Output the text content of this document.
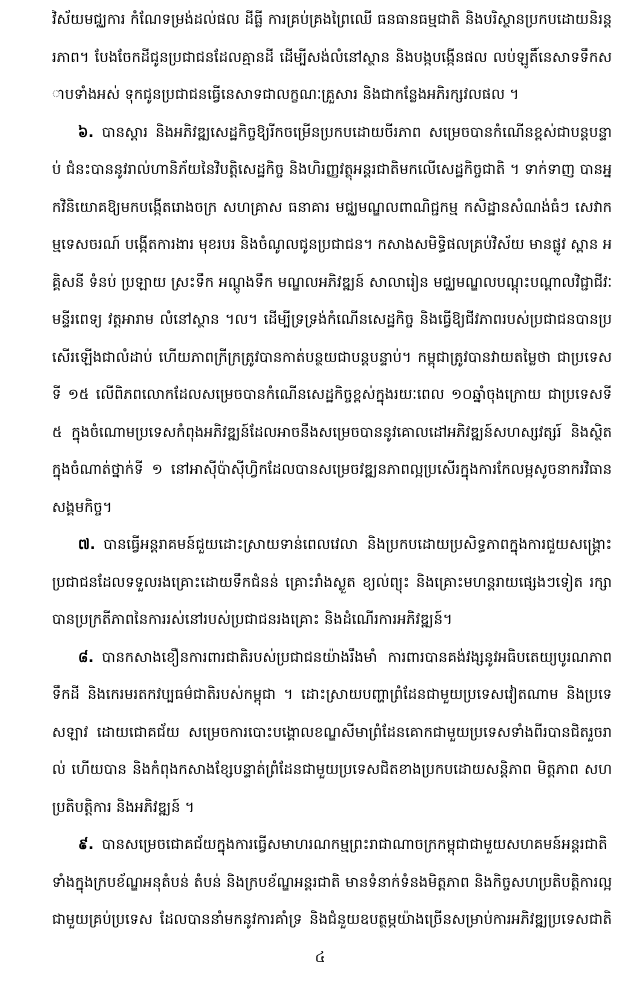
វិស័យមជ្ឈការ កំណែទម្រង់ដល់ផល ដីធ្លី ការគ្រប់គ្រងព្រៃឈើ ធនធានធម្មជាតិ និងបរិស្ថានប្រកបដោយនិរន្តរភាព។ បែងចែកដីជូនប្រជាជនដែលគ្មានដី ដើម្បីសង់លំនៅស្ថាន និងបង្កបង្កើនផល លប់ឡូតិ៍នេសាទទឹកសាបទាំងអស់ ទុកជូនប្រជាជនធ្វើនេសាទជាលក្ខណៈគ្រួសារ និងជាកន្លែងអភិរក្សវលផល ។

៦. បានស្តារ និងអភិវឌ្ឍសេដ្ឋកិច្ចឱ្យរីកចម្រើនប្រកបដោយចីរភាព សម្រេចបានកំណើនខ្ពស់ជាបន្តបន្ទាប់ ជំនះបាននូវរាល់ហានិភ័យនៃវិបត្តិសេដ្ឋកិច្ច និងហិរញ្ញវត្ថុអន្តរជាតិមកលើសេដ្ឋកិច្ចជាតិ ។ ទាក់ទាញ បានអ្នកវិនិយោគឱ្យមកបង្កើតរោងចក្រ សហគ្រាស ធនាគារ មជ្ឈមណ្ឌលពាណិជ្ជកម្ម កសិដ្ឋានសំណង់ធំៗ សេវាកម្មទេសចរណ៍ បង្កើតការងារ មុខរបរ និងចំណូលជូនប្រជាជន។ កសាងសមិទ្ធិផលគ្រប់វិស័យ មានផ្លូវ ស្ពាន អគ្គិសនី ទំនប់ ប្រឡាយ ស្រះទឹក អណ្តូងទឹក មណ្ឌលអភិវឌ្ឍន៍ សាលារៀន មជ្ឈមណ្ឌលបណ្តុះបណ្តាលវិជ្ជាជីវៈ មន្ទីរពេទ្យ វត្តអារាម លំនៅស្ថាន ។ល។ ដើម្បីទ្រទ្រង់កំណើនសេដ្ឋកិច្ច និងធ្វើឱ្យជីវភាពរបស់ប្រជាជនបានប្រសើរឡើងជាលំដាប់ ហើយភាពក្រីក្រត្រូវបានកាត់បន្ថយជាបន្តបន្ទាប់។ កម្ពុជាត្រូវបានវាយតម្លៃថា ជាប្រទេសទី ១៥ លើពិភពលោកដែលសម្រេចបានកំណើនសេដ្ឋកិច្ចខ្ពស់ក្នុងរយៈពេល ១០ឆ្នាំចុងក្រោយ ជាប្រទេសទី ៥ ក្នុងចំណោមប្រទេសកំពុងអភិវឌ្ឍន៍ដែលអាចនឹងសម្រេចបាននូវគោលដៅអភិវឌ្ឍន៍សហស្សវត្សរ៍ និងស្ថិតក្នុងចំណាត់ថ្នាក់ទី ១ នៅអាស៊ីប៉ាស៊ីហ្វិកដែលបានសម្រេចវឌ្ឍនភាពល្អប្រសើរក្នុងការកែលម្អសូចនាករវិធានសង្គមកិច្ច។

៧. បានធ្វើអន្តរាគមន៍ជួយដោះស្រាយទាន់ពេលវេលា និងប្រកបដោយប្រសិទ្ធភាពក្នុងការជួយសង្គ្រោះប្រជាជនដែលទទួលរងគ្រោះដោយទឹកជំនន់ គ្រោះរាំងស្ងួត ខ្យល់ព្យុះ និងគ្រោះមហន្តរាយផ្សេងៗទៀត រក្សាបានប្រក្រតីភាពនៃការរស់នៅរបស់ប្រជាជនរងគ្រោះ និងដំណើរការអភិវឌ្ឍន៍។

៨. បានកសាងខឿនការពារជាតិរបស់ប្រជាជនយ៉ាងរឹងមាំ ការពារបានគង់វង្សនូវអធិបតេយ្យបូរណភាពទឹកដី និងកេរមរតកវប្បធម៌ជាតិរបស់កម្ពុជា ។ ដោះស្រាយបញ្ហាព្រំដែនជាមួយប្រទេសវៀតណាម និងប្រទេសឡាវ ដោយជោគជ័យ សម្រេចការបោះបង្គោលខណ្ឌសីមាព្រំដែនគោកជាមួយប្រទេសទាំងពីរបានជិតរួចរាល់ ហើយបាន និងកំពុងកសាងខ្សែបន្ទាត់ព្រំដែនជាមួយប្រទេសជិតខាងប្រកបដោយសន្តិភាព មិត្តភាព សហប្រតិបត្តិការ និងអភិវឌ្ឍន៍ ។

៩. បានសម្រេចជោគជ័យក្នុងការធ្វើសមាហរណកម្មព្រះរាជាណាចក្រកម្ពុជាជាមួយសហគមន៍អន្តរជាតិទាំងក្នុងក្របខ័ណ្ឌអនុតំបន់ តំបន់ និងក្របខ័ណ្ឌអន្តរជាតិ មានទំនាក់ទំនងមិត្តភាព និងកិច្ចសហប្រតិបត្តិការល្អជាមួយគ្រប់ប្រទេស ដែលបាននាំមកនូវការគាំទ្រ និងជំនួយឧបត្ថម្ភយ៉ាងច្រើនសម្រាប់ការអភិវឌ្ឍប្រទេសជាតិ

៤
